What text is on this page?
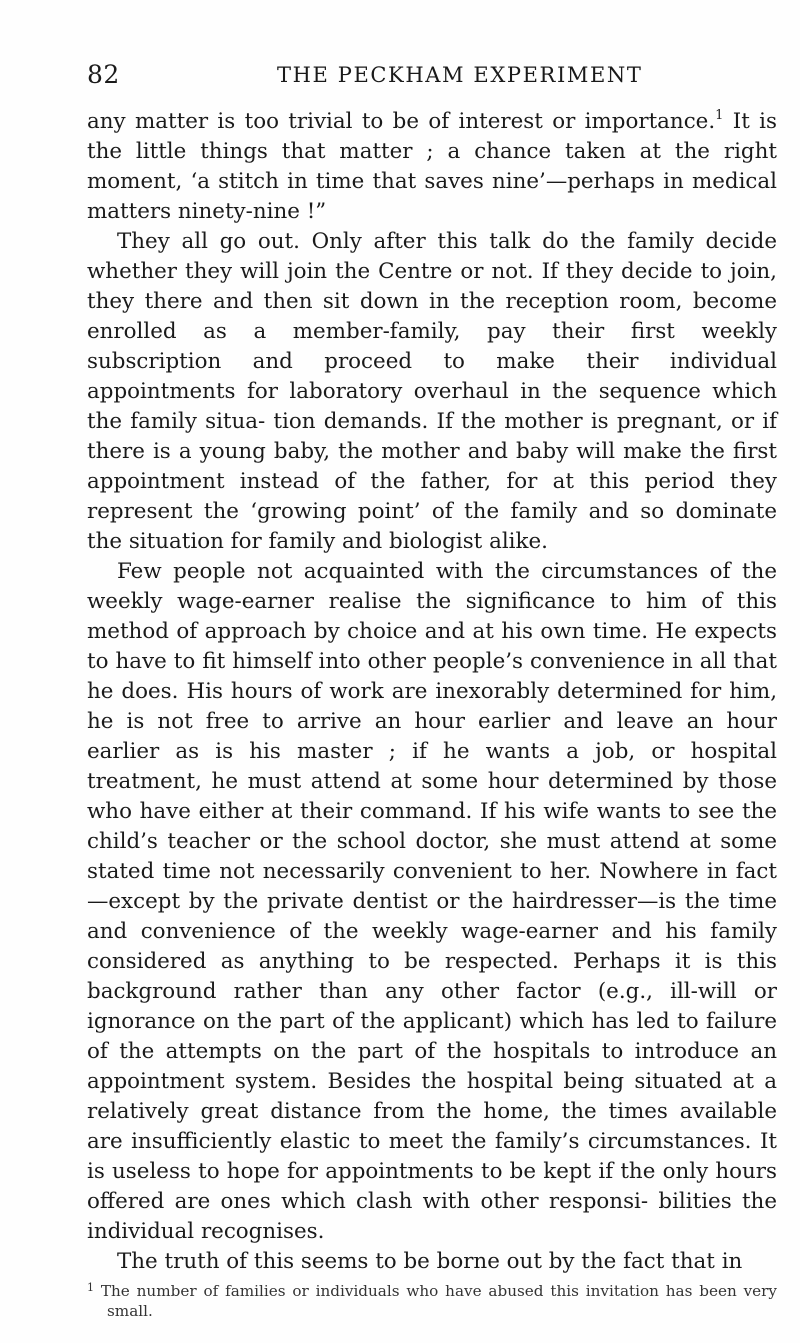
82	THE PECKHAM EXPERIMENT

any matter is too trivial to be of interest or importance.$^1$ It is the little things that matter ; a chance taken at the right moment, ‘a stitch in time that saves nine’—perhaps in medical matters ninety-nine !”

They all go out. Only after this talk do the family decide whether they will join the Centre or not. If they decide to join, they there and then sit down in the reception room, become enrolled as a member-family, pay their first weekly subscription and proceed to make their individual appointments for laboratory overhaul in the sequence which the family situa- tion demands. If the mother is pregnant, or if there is a young baby, the mother and baby will make the first appointment instead of the father, for at this period they represent the ‘growing point’ of the family and so dominate the situation for family and biologist alike.

Few people not acquainted with the circumstances of the weekly wage-earner realise the significance to him of this method of approach by choice and at his own time. He expects to have to fit himself into other people’s convenience in all that he does. His hours of work are inexorably determined for him, he is not free to arrive an hour earlier and leave an hour earlier as is his master ; if he wants a job, or hospital treatment, he must attend at some hour determined by those who have either at their command. If his wife wants to see the child’s teacher or the school doctor, she must attend at some stated time not necessarily convenient to her. Nowhere in fact—except by the private dentist or the hairdresser—is the time and convenience of the weekly wage-earner and his family considered as anything to be respected. Perhaps it is this background rather than any other factor (e.g., ill-will or ignorance on the part of the applicant) which has led to failure of the attempts on the part of the hospitals to introduce an appointment system. Besides the hospital being situated at a relatively great distance from the home, the times available are insufficiently elastic to meet the family’s circumstances. It is useless to hope for appointments to be kept if the only hours offered are ones which clash with other responsi- bilities the individual recognises.

The truth of this seems to be borne out by the fact that in

$^1$ The number of families or individuals who have abused this invitation has been very small.
